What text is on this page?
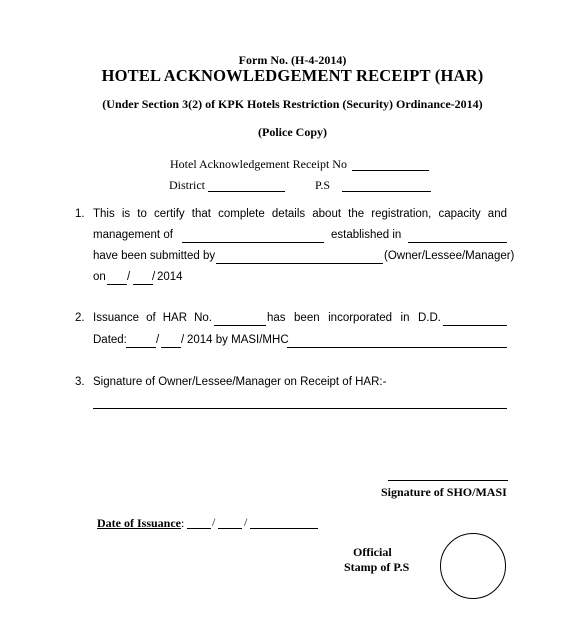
Form No. (H-4-2014)
HOTEL ACKNOWLEDGEMENT RECEIPT (HAR)
(Under Section 3(2) of KPK Hotels Restriction (Security) Ordinance-2014)
(Police Copy)
Hotel Acknowledgement Receipt No
District	P.S
1. This is to certify that complete details about the registration, capacity and
management of	established in
have been submitted by	(Owner/Lessee/Manager)
on / / 2014
2. Issuance of HAR No.	has been incorporated in D.D.
Dated:	/ / 2014 by MASI/MHC
3. Signature of Owner/Lessee/Manager on Receipt of HAR:-
Signature of SHO/MASI
Date of Issuance : / /
Official
Stamp of P.S
